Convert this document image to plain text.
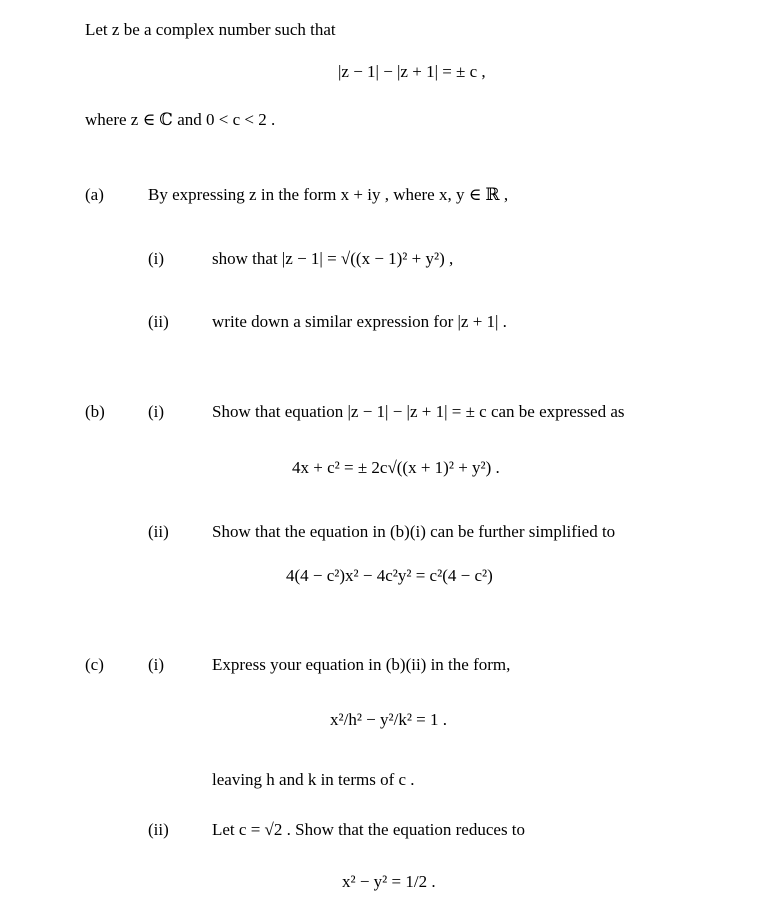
Let z be a complex number such that
|z − 1| − |z + 1| = ± c ,
where z ∈ ℂ and 0 < c < 2 .
(a)	By expressing z in the form x + iy , where x, y ∈ ℝ ,
(i)	show that |z − 1| = √((x − 1)² + y²) ,
(ii)	write down a similar expression for |z + 1| .
(b)	(i)	Show that equation |z − 1| − |z + 1| = ± c can be expressed as
4x + c² = ± 2c√((x + 1)² + y²) .
(ii)	Show that the equation in (b)(i) can be further simplified to
4(4 − c²)x² − 4c²y² = c²(4 − c²)
(c)	(i)	Express your equation in (b)(ii) in the form,
x²/h² − y²/k² = 1 .
leaving h and k in terms of c .
(ii)	Let c = √2 . Show that the equation reduces to
x² − y² = 1/2 .
